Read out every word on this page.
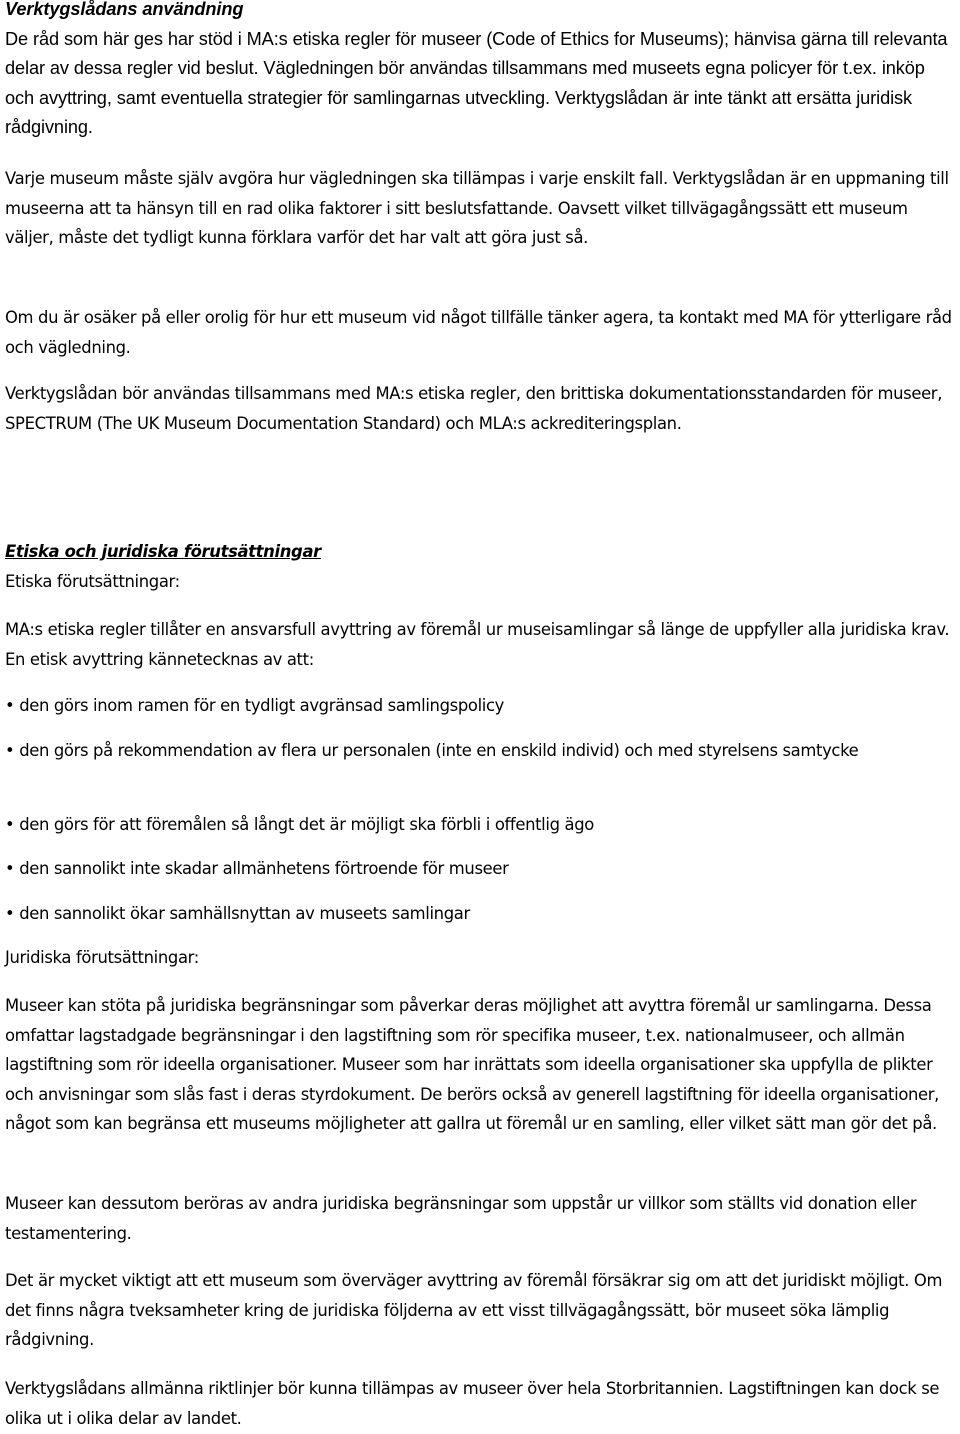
Verktygslådans användning

De råd som här ges har stöd i MA:s etiska regler för museer (Code of Ethics for Museums); hänvisa gärna till relevanta delar av dessa regler vid beslut. Vägledningen bör användas tillsammans med museets egna policyer för t.ex. inköp och avyttring, samt eventuella strategier för samlingarnas utveckling. Verktygslådan är inte tänkt att ersätta juridisk rådgivning.

Varje museum måste själv avgöra hur vägledningen ska tillämpas i varje enskilt fall. Verktygslådan är en uppmaning till museerna att ta hänsyn till en rad olika faktorer i sitt beslutsfattande. Oavsett vilket tillvägagångssätt ett museum väljer, måste det tydligt kunna förklara varför det har valt att göra just så.

Om du är osäker på eller orolig för hur ett museum vid något tillfälle tänker agera, ta kontakt med MA för ytterligare råd och vägledning.

Verktygslådan bör användas tillsammans med MA:s etiska regler, den brittiska dokumentationsstandarden för museer, SPECTRUM (The UK Museum Documentation Standard) och MLA:s ackrediteringsplan.

Etiska och juridiska förutsättningar

Etiska förutsättningar:

MA:s etiska regler tillåter en ansvarsfull avyttring av föremål ur museisamlingar så länge de uppfyller alla juridiska krav. En etisk avyttring kännetecknas av att:

• den görs inom ramen för en tydligt avgränsad samlingspolicy

• den görs på rekommendation av flera ur personalen (inte en enskild individ) och med styrelsens samtycke

• den görs för att föremålen så långt det är möjligt ska förbli i offentlig ägo

• den sannolikt inte skadar allmänhetens förtroende för museer

• den sannolikt ökar samhällsnyttan av museets samlingar

Juridiska förutsättningar:

Museer kan stöta på juridiska begränsningar som påverkar deras möjlighet att avyttra föremål ur samlingarna. Dessa omfattar lagstadgade begränsningar i den lagstiftning som rör specifika museer, t.ex. nationalmuseer, och allmän lagstiftning som rör ideella organisationer. Museer som har inrättats som ideella organisationer ska uppfylla de plikter och anvisningar som slås fast i deras styrdokument. De berörs också av generell lagstiftning för ideella organisationer, något som kan begränsa ett museums möjligheter att gallra ut föremål ur en samling, eller vilket sätt man gör det på.

Museer kan dessutom beröras av andra juridiska begränsningar som uppstår ur villkor som ställts vid donation eller testamentering.

Det är mycket viktigt att ett museum som överväger avyttring av föremål försäkrar sig om att det juridiskt möjligt. Om det finns några tveksamheter kring de juridiska följderna av ett visst tillvägagångssätt, bör museet söka lämplig rådgivning.

Verktygslådans allmänna riktlinjer bör kunna tillämpas av museer över hela Storbritannien. Lagstiftningen kan dock se olika ut i olika delar av landet.
